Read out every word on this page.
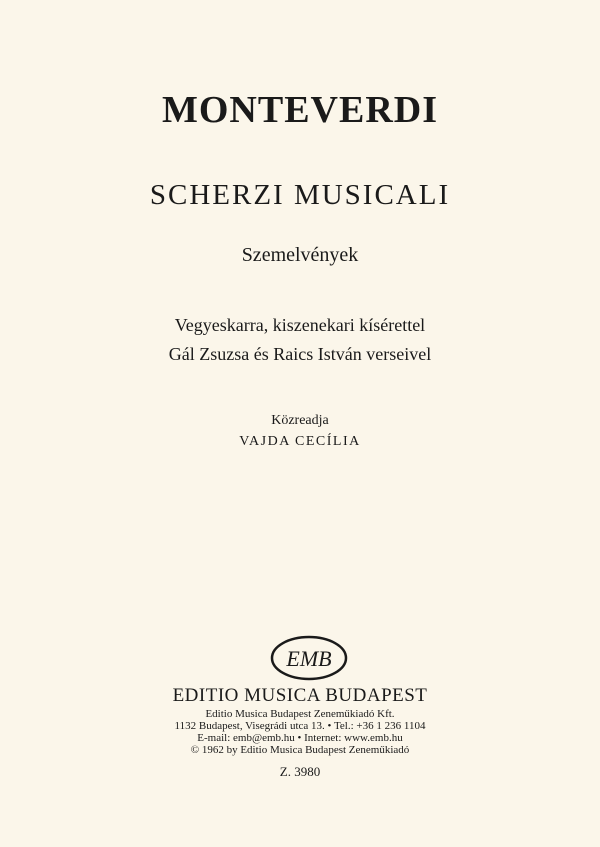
MONTEVERDI
SCHERZI MUSICALI
Szemelvények
Vegyeskarra, kiszenekari kísérettel
Gál Zsuzsa és Raics István verseivel
Közreadja
VAJDA CECÍLIA
EMB
EDITIO MUSICA BUDAPEST
Editio Musica Budapest Zeneműkiadó Kft.
1132 Budapest, Visegrádi utca 13. • Tel.: +36 1 236 1104
E-mail: emb@emb.hu • Internet: www.emb.hu
© 1962 by Editio Musica Budapest Zeneműkiadó
Z. 3980
